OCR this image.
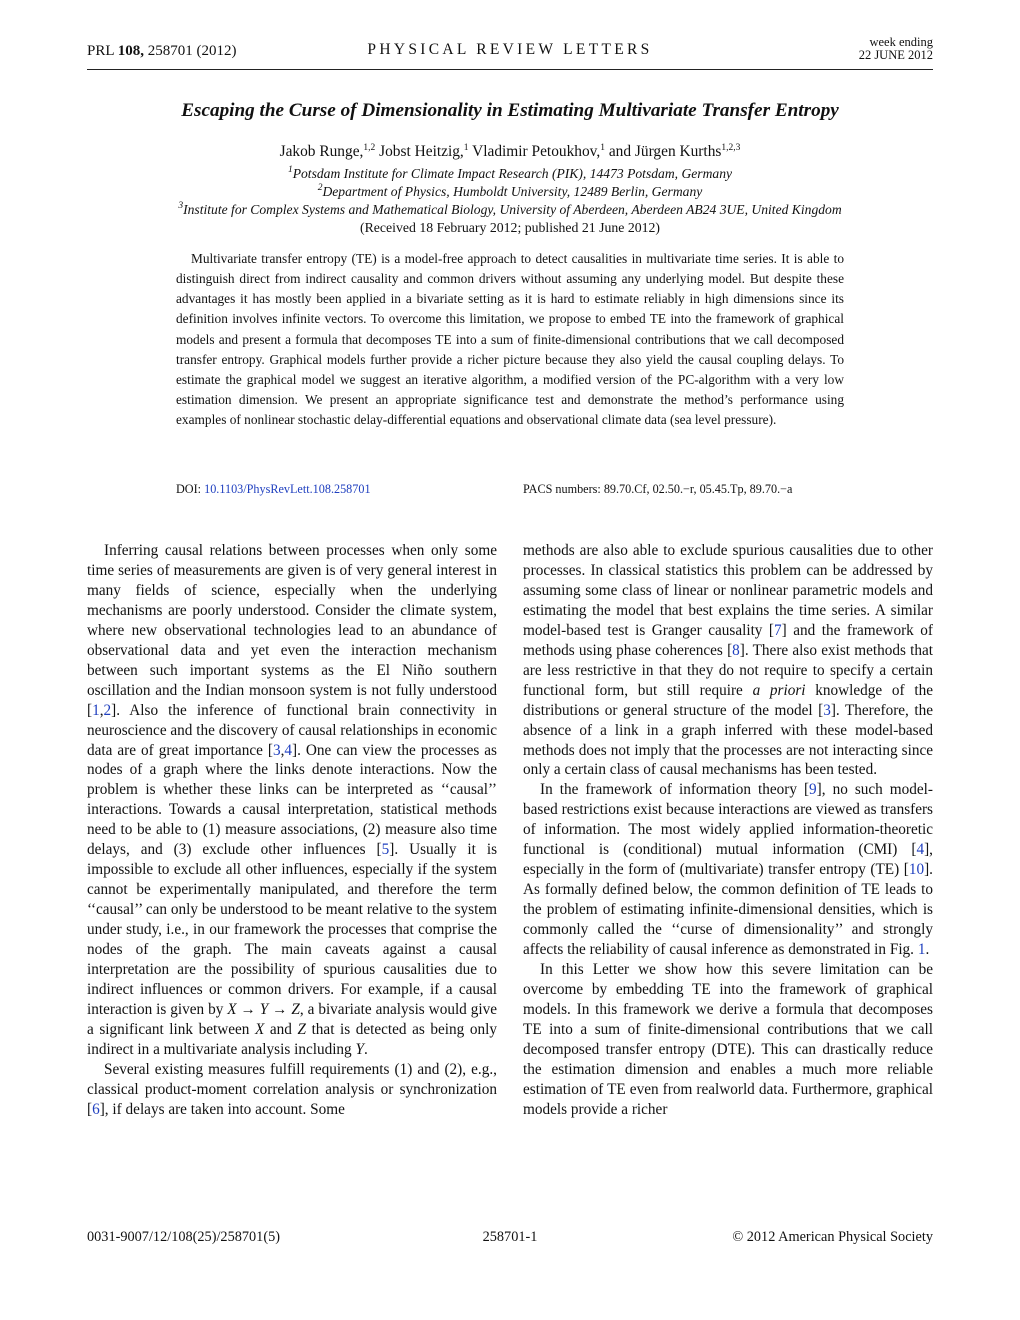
PRL 108, 258701 (2012)	PHYSICAL REVIEW LETTERS	week ending
22 JUNE 2012
Escaping the Curse of Dimensionality in Estimating Multivariate Transfer Entropy
Jakob Runge,$^{1,2}$ Jobst Heitzig,$^1$ Vladimir Petoukhov,$^1$ and Jürgen Kurths$^{1,2,3}$
$^1$Potsdam Institute for Climate Impact Research (PIK), 14473 Potsdam, Germany
$^2$Department of Physics, Humboldt University, 12489 Berlin, Germany
$^3$Institute for Complex Systems and Mathematical Biology, University of Aberdeen, Aberdeen AB24 3UE, United Kingdom
(Received 18 February 2012; published 21 June 2012)

Multivariate transfer entropy (TE) is a model-free approach to detect causalities in multivariate time series. It is able to distinguish direct from indirect causality and common drivers without assuming any underlying model. But despite these advantages it has mostly been applied in a bivariate setting as it is hard to estimate reliably in high dimensions since its definition involves infinite vectors. To overcome this limitation, we propose to embed TE into the framework of graphical models and present a formula that decomposes TE into a sum of finite-dimensional contributions that we call decomposed transfer entropy. Graphical models further provide a richer picture because they also yield the causal coupling delays. To estimate the graphical model we suggest an iterative algorithm, a modified version of the PC-algorithm with a very low estimation dimension. We present an appropriate significance test and demonstrate the method’s performance using examples of nonlinear stochastic delay-differential equations and observational climate data (sea level pressure).

DOI: 10.1103/PhysRevLett.108.258701	PACS numbers: 89.70.Cf, 02.50.−r, 05.45.Tp, 89.70.−a

Inferring causal relations between processes when only some time series of measurements are given is of very general interest in many fields of science, especially when the underlying mechanisms are poorly understood. Consider the climate system, where new observational technologies lead to an abundance of observational data and yet even the interaction mechanism between such important systems as the El Niño southern oscillation and the Indian monsoon system is not fully understood [1,2]. Also the inference of functional brain connectivity in neuroscience and the discovery of causal relationships in economic data are of great importance [3,4]. One can view the processes as nodes of a graph where the links denote interactions. Now the problem is whether these links can be interpreted as ‘‘causal’’ interactions. Towards a causal interpretation, statistical methods need to be able to (1) measure associations, (2) measure also time delays, and (3) exclude other influences [5]. Usually it is impossible to exclude all other influences, especially if the system cannot be experimentally manipulated, and therefore the term ‘‘causal’’ can only be understood to be meant relative to the system under study, i.e., in our framework the processes that comprise the nodes of the graph. The main caveats against a causal interpretation are the possibility of spurious causalities due to indirect influences or common drivers. For example, if a causal interaction is given by X → Y → Z, a bivariate analysis would give a significant link between X and Z that is detected as being only indirect in a multivariate analysis including Y.

Several existing measures fulfill requirements (1) and (2), e.g., classical product-moment correlation analysis or synchronization [6], if delays are taken into account. Some

methods are also able to exclude spurious causalities due to other processes. In classical statistics this problem can be addressed by assuming some class of linear or nonlinear parametric models and estimating the model that best explains the time series. A similar model-based test is Granger causality [7] and the framework of methods using phase coherences [8]. There also exist methods that are less restrictive in that they do not require to specify a certain functional form, but still require a priori knowledge of the distributions or general structure of the model [3]. Therefore, the absence of a link in a graph inferred with these model-based methods does not imply that the processes are not interacting since only a certain class of causal mechanisms has been tested.

In the framework of information theory [9], no such model-based restrictions exist because interactions are viewed as transfers of information. The most widely applied information-theoretic functional is (conditional) mutual information (CMI) [4], especially in the form of (multivariate) transfer entropy (TE) [10]. As formally defined below, the common definition of TE leads to the problem of estimating infinite-dimensional densities, which is commonly called the ‘‘curse of dimensionality’’ and strongly affects the reliability of causal inference as demonstrated in Fig. 1.

In this Letter we show how this severe limitation can be overcome by embedding TE into the framework of graphical models. In this framework we derive a formula that decomposes TE into a sum of finite-dimensional contributions that we call decomposed transfer entropy (DTE). This can drastically reduce the estimation dimension and enables a much more reliable estimation of TE even from realworld data. Furthermore, graphical models provide a richer

0031-9007/12/108(25)/258701(5)	258701-1	© 2012 American Physical Society
